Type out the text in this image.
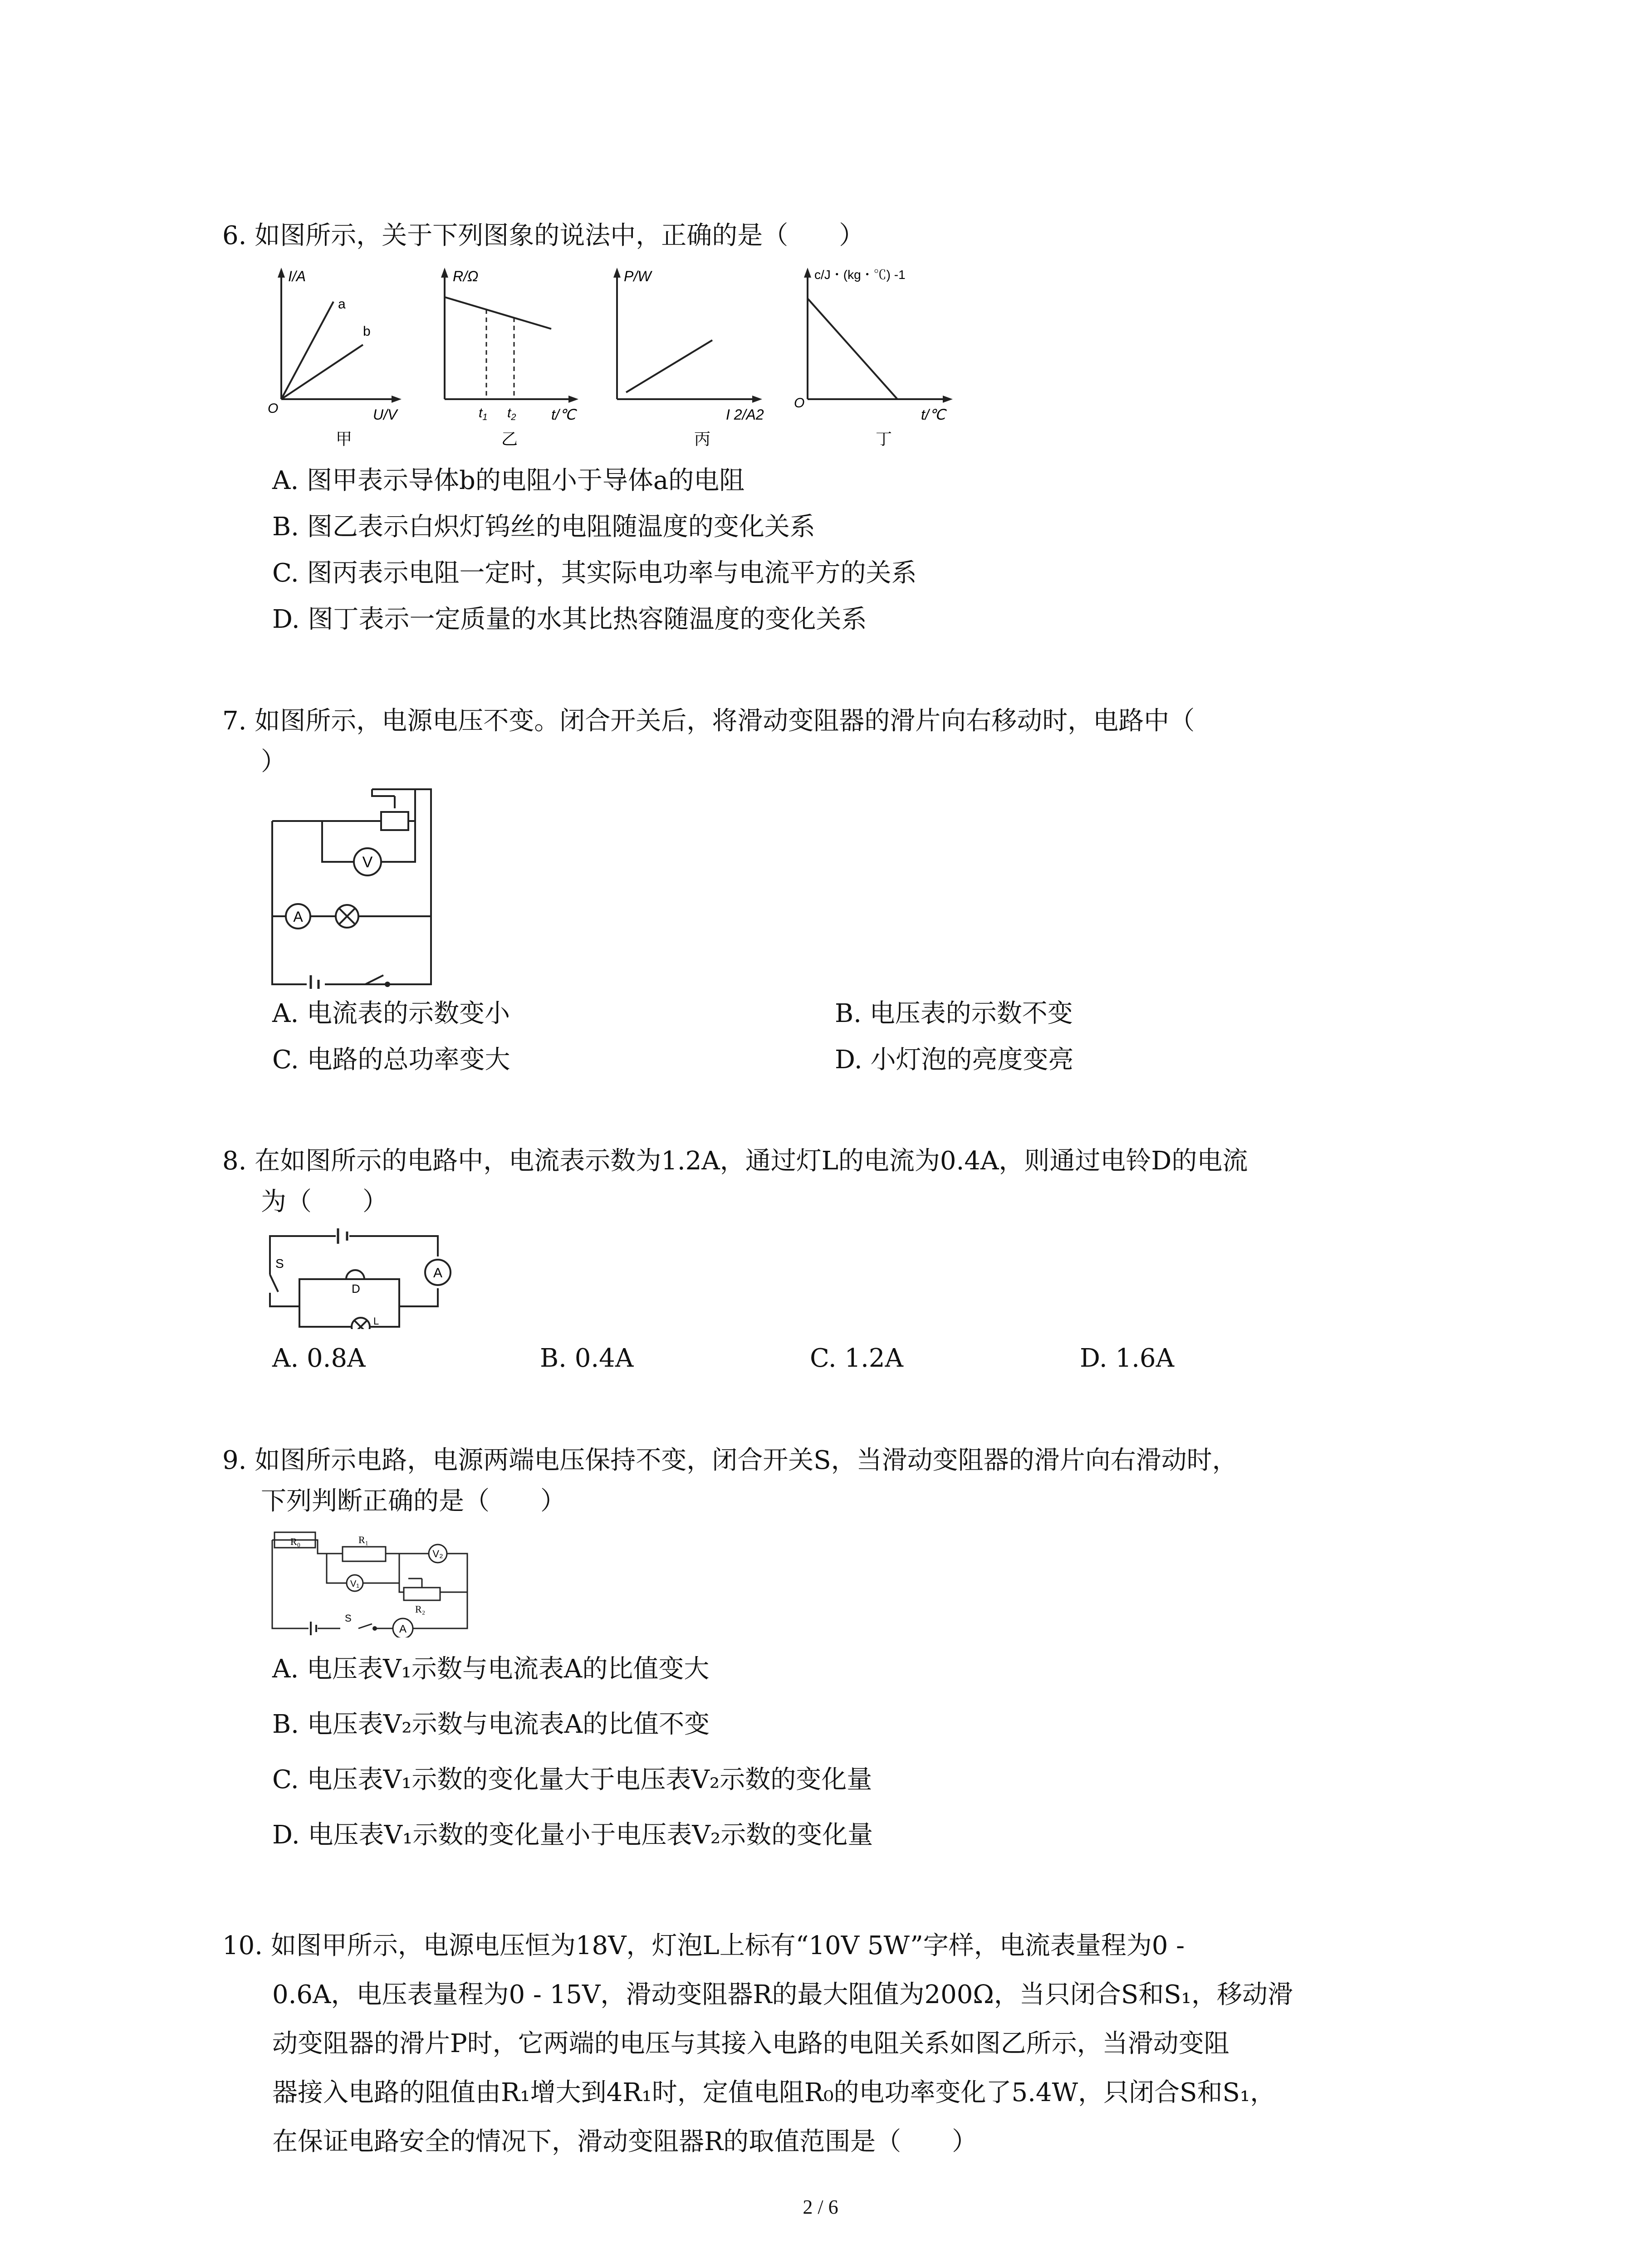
6. 如图所示，关于下列图象的说法中，正确的是（　　）
I/A
a
b
O	U/V
甲
R/Ω
$t_1$ $t_2$ t/℃
乙
P/W
I 2/A2
丙
c/J・(kg・℃) -1
O
t/℃
丁
A. 图甲表示导体b的电阻小于导体a的电阻
B. 图乙表示白炽灯钨丝的电阻随温度的变化关系
C. 图丙表示电阻一定时，其实际电功率与电流平方的关系
D. 图丁表示一定质量的水其比热容随温度的变化关系
7. 如图所示，电源电压不变。闭合开关后，将滑动变阻器的滑片向右移动时，电路中（
）
V
A
A. 电流表的示数变小	B. 电压表的示数不变
C. 电路的总功率变大	D. 小灯泡的亮度变亮
8. 在如图所示的电路中，电流表示数为1.2A，通过灯L的电流为0.4A，则通过电铃D的电流
为（　　）
S
D
A
L
A. 0.8A	B. 0.4A	C. 1.2A	D. 1.6A
9. 如图所示电路，电源两端电压保持不变，闭合开关S，当滑动变阻器的滑片向右滑动时，
下列判断正确的是（　　）
R₀	R₁
R₂
V₂
V₁
S
A
A. 电压表V₁示数与电流表A的比值变大
B. 电压表V₂示数与电流表A的比值不变
C. 电压表V₁示数的变化量大于电压表V₂示数的变化量
D. 电压表V₁示数的变化量小于电压表V₂示数的变化量
10. 如图甲所示，电源电压恒为18V，灯泡L上标有“10V 5W”字样，电流表量程为0 -
0.6A，电压表量程为0 - 15V，滑动变阻器R的最大阻值为200Ω，当只闭合S和S₁，移动滑
动变阻器的滑片P时，它两端的电压与其接入电路的电阻关系如图乙所示，当滑动变阻
器接入电路的阻值由R₁增大到4R₁时，定值电阻R₀的电功率变化了5.4W，只闭合S和S₁，
在保证电路安全的情况下，滑动变阻器R的取值范围是（　　）
2 / 6
